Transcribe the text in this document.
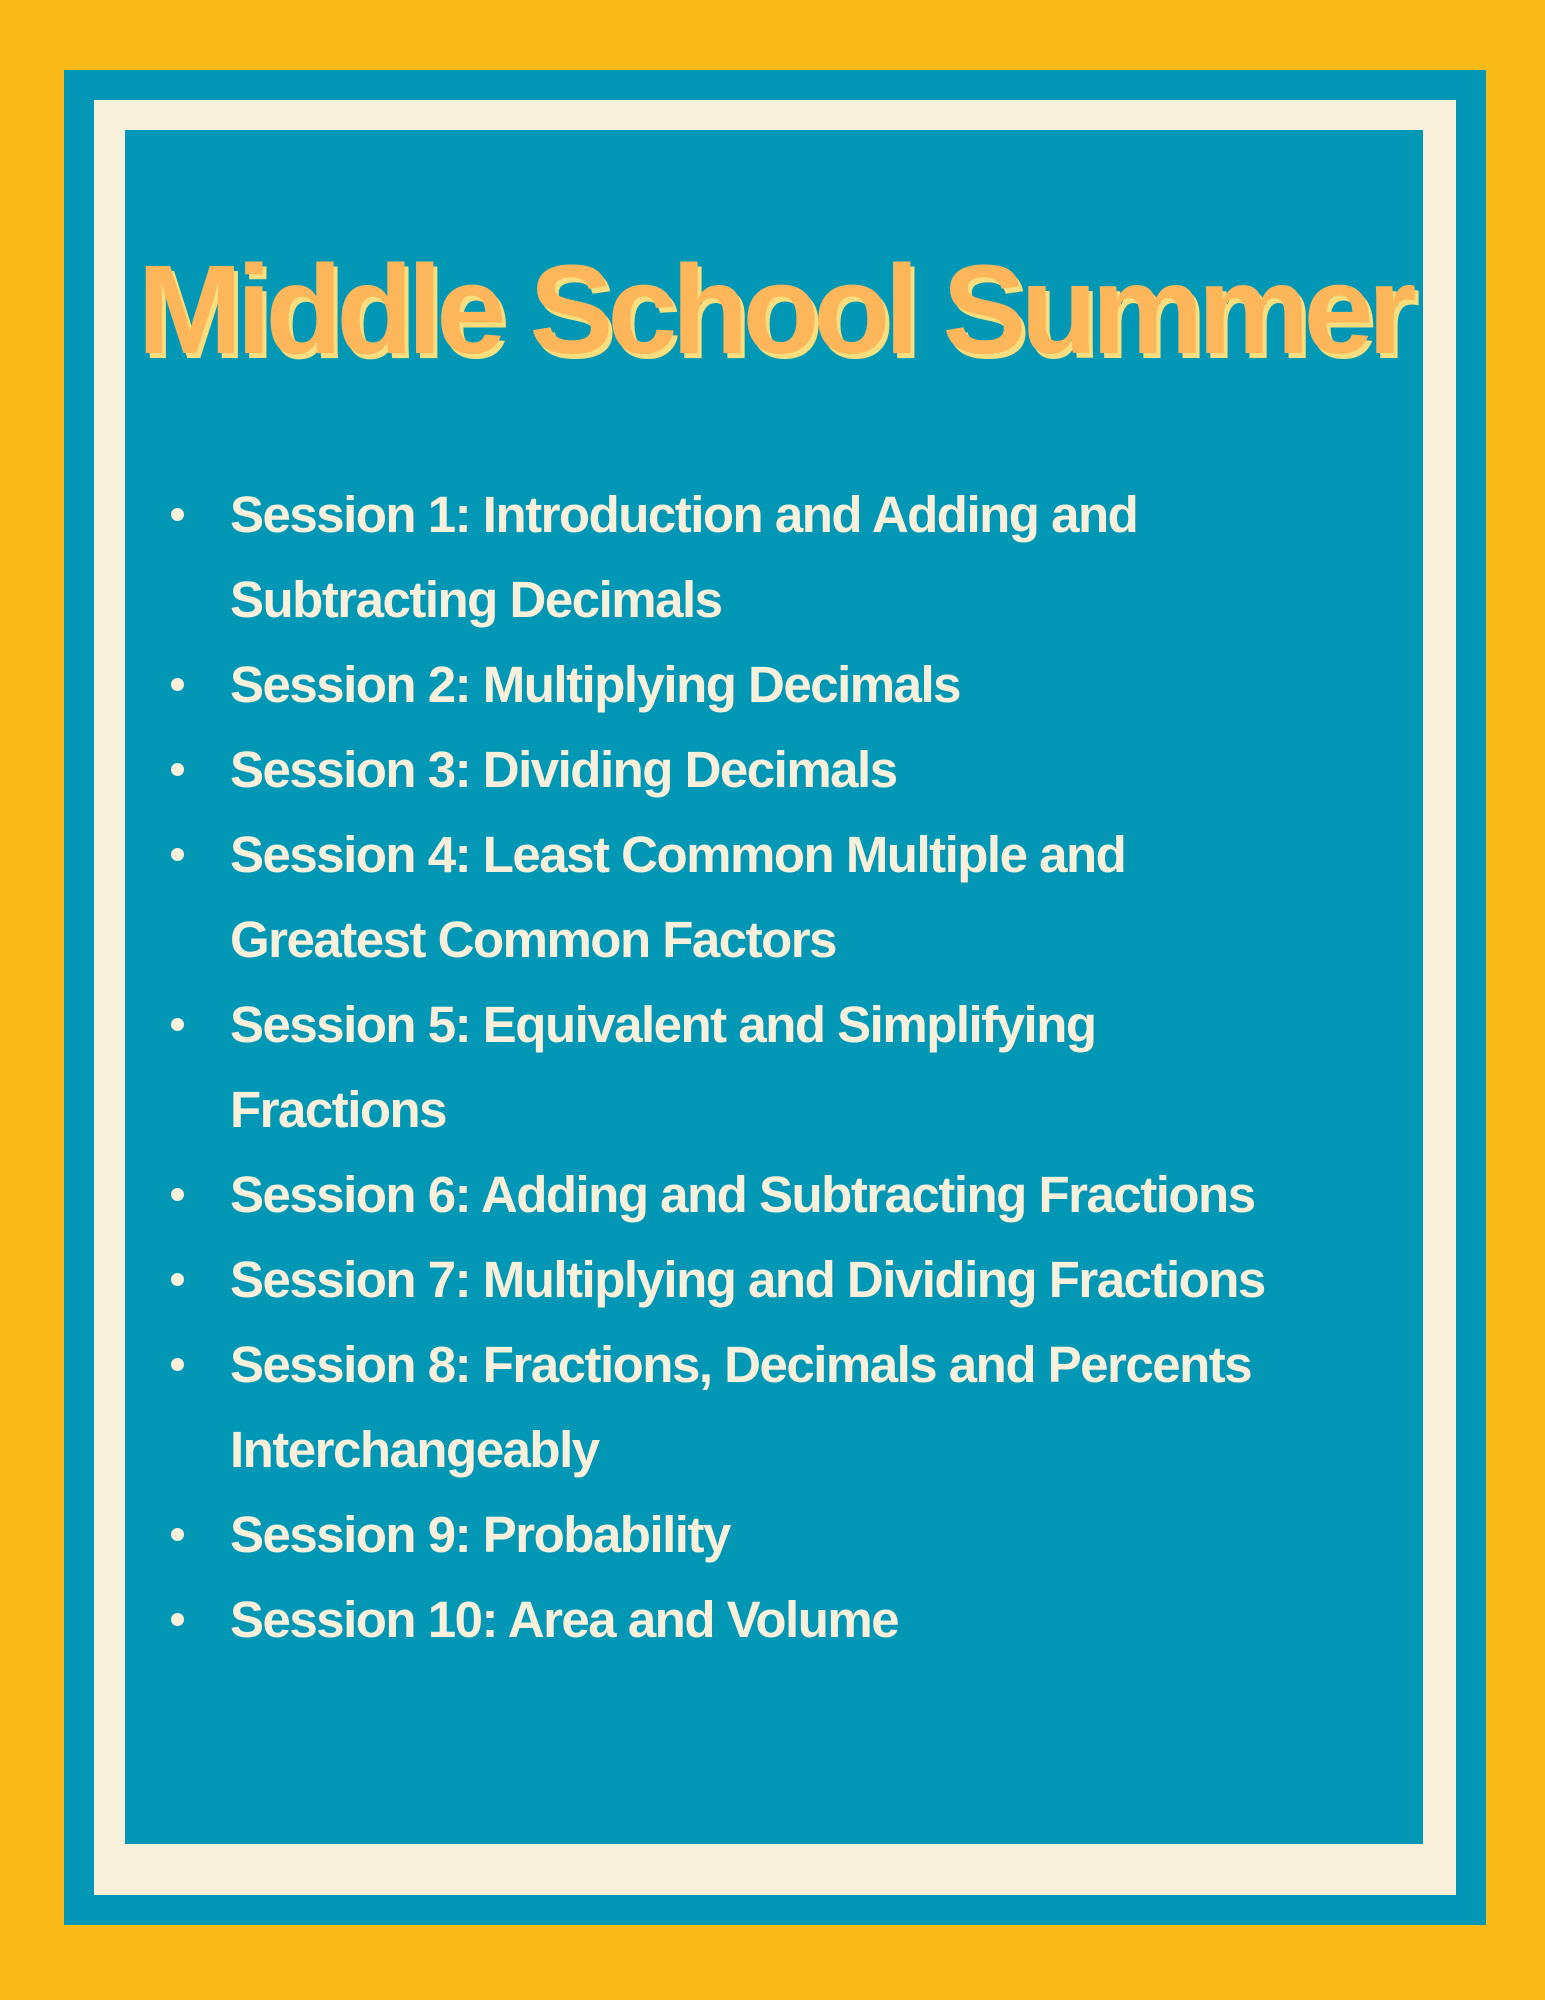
Middle School Summer
Session 1: Introduction and Adding and
Subtracting Decimals
Session 2: Multiplying Decimals
Session 3: Dividing Decimals
Session 4: Least Common Multiple and
Greatest Common Factors
Session 5: Equivalent and Simplifying
Fractions
Session 6: Adding and Subtracting Fractions
Session 7: Multiplying and Dividing Fractions
Session 8: Fractions, Decimals and Percents
Interchangeably
Session 9: Probability
Session 10: Area and Volume
